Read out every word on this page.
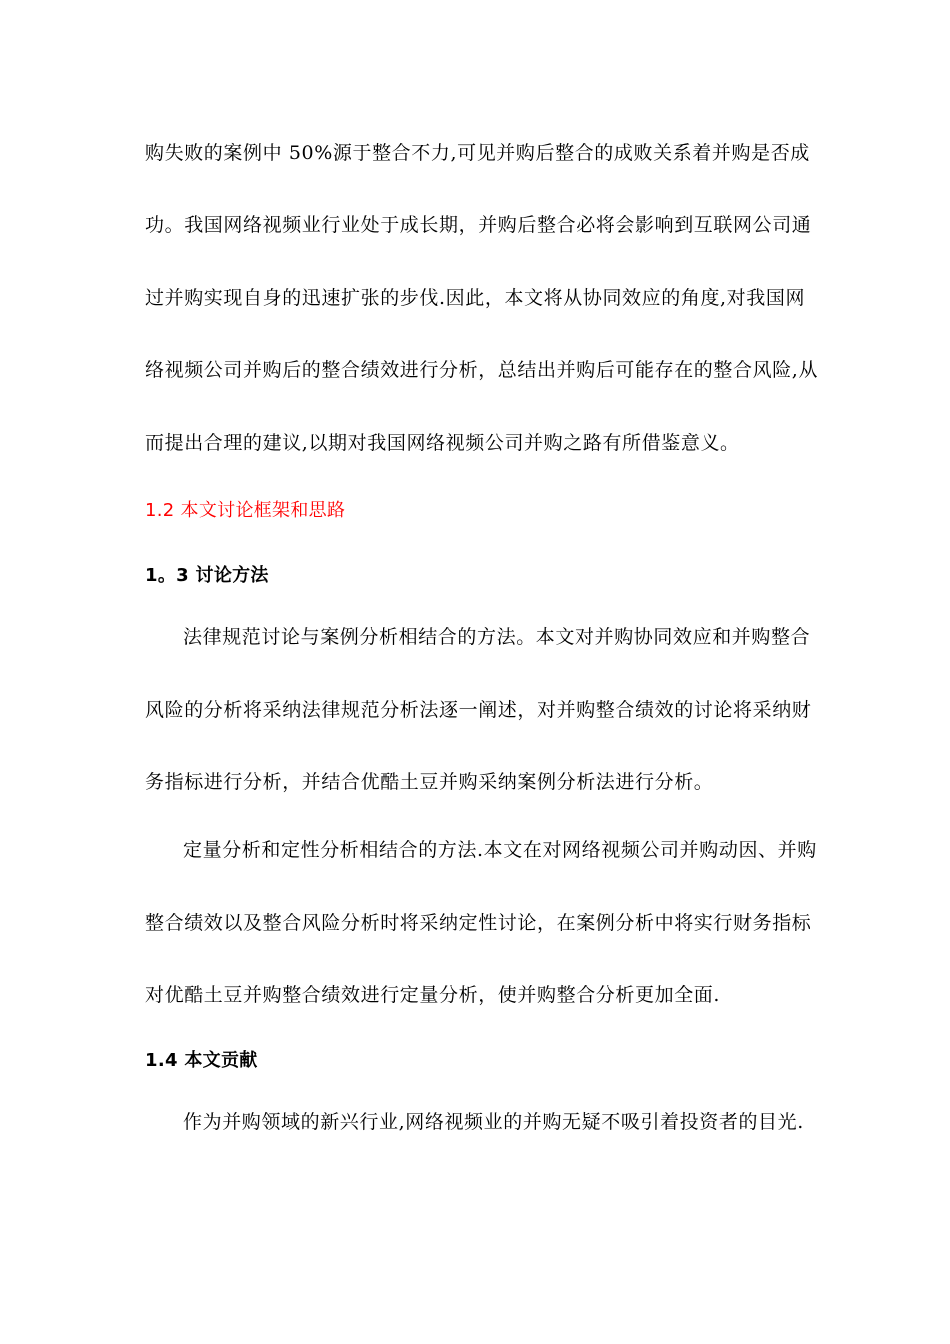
购失败的案例中 50%源于整合不力,可见并购后整合的成败关系着并购是否成
功。我国网络视频业行业处于成长期，并购后整合必将会影响到互联网公司通
过并购实现自身的迅速扩张的步伐.因此，本文将从协同效应的角度,对我国网
络视频公司并购后的整合绩效进行分析，总结出并购后可能存在的整合风险,从
而提出合理的建议,以期对我国网络视频公司并购之路有所借鉴意义。
1.2 本文讨论框架和思路
1。3 讨论方法
法律规范讨论与案例分析相结合的方法。本文对并购协同效应和并购整合
风险的分析将采纳法律规范分析法逐一阐述，对并购整合绩效的讨论将采纳财
务指标进行分析，并结合优酷土豆并购采纳案例分析法进行分析。
定量分析和定性分析相结合的方法.本文在对网络视频公司并购动因、并购
整合绩效以及整合风险分析时将采纳定性讨论，在案例分析中将实行财务指标
对优酷土豆并购整合绩效进行定量分析，使并购整合分析更加全面.
1.4 本文贡献
作为并购领域的新兴行业,网络视频业的并购无疑不吸引着投资者的目光.
